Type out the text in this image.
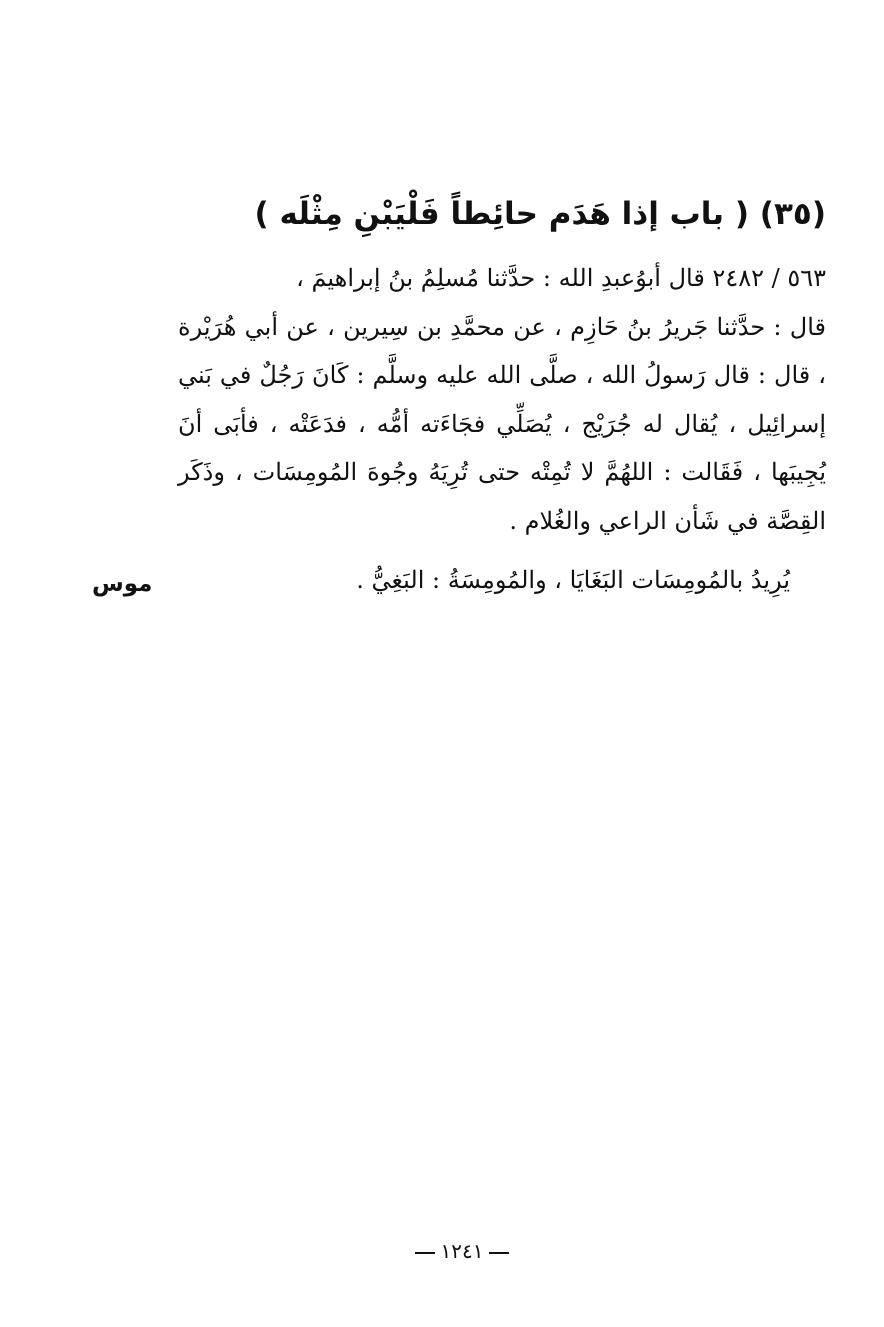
(٣٥) ( باب إذا هَدَم حائِطاً فَلْيَبْنِ مِثْلَه )

٥٦٣ / ٢٤٨٢ قال أبوُعبدِ الله : حدَّثنا مُسلِمُ بنُ إبراهيمَ ،

قال : حدَّثنا جَريرُ بنُ حَازِم ، عن محمَّدِ بن سِيرين ، عن أبي هُرَيْرة ، قال : قال رَسولُ الله ، صلَّى الله عليه وسلَّم : كَانَ رَجُلٌ في بَني إسرائِيل ، يُقال له جُرَيْج ، يُصَلِّي فجَاءَته أمُّه ، فدَعَتْه ، فأبَى أنَ يُجِيبَها ، فَقَالت : اللهُمَّ لا تُمِتْه حتى تُرِيَهُ وجُوهَ المُومِسَات ، وذَكَر القِصَّة في شَأن الراعي والغُلام .

يُرِيدُ بالمُومِسَات البَغَايَا ، والمُومِسَةُ : البَغِيُّ .
موس
١٢٤١
